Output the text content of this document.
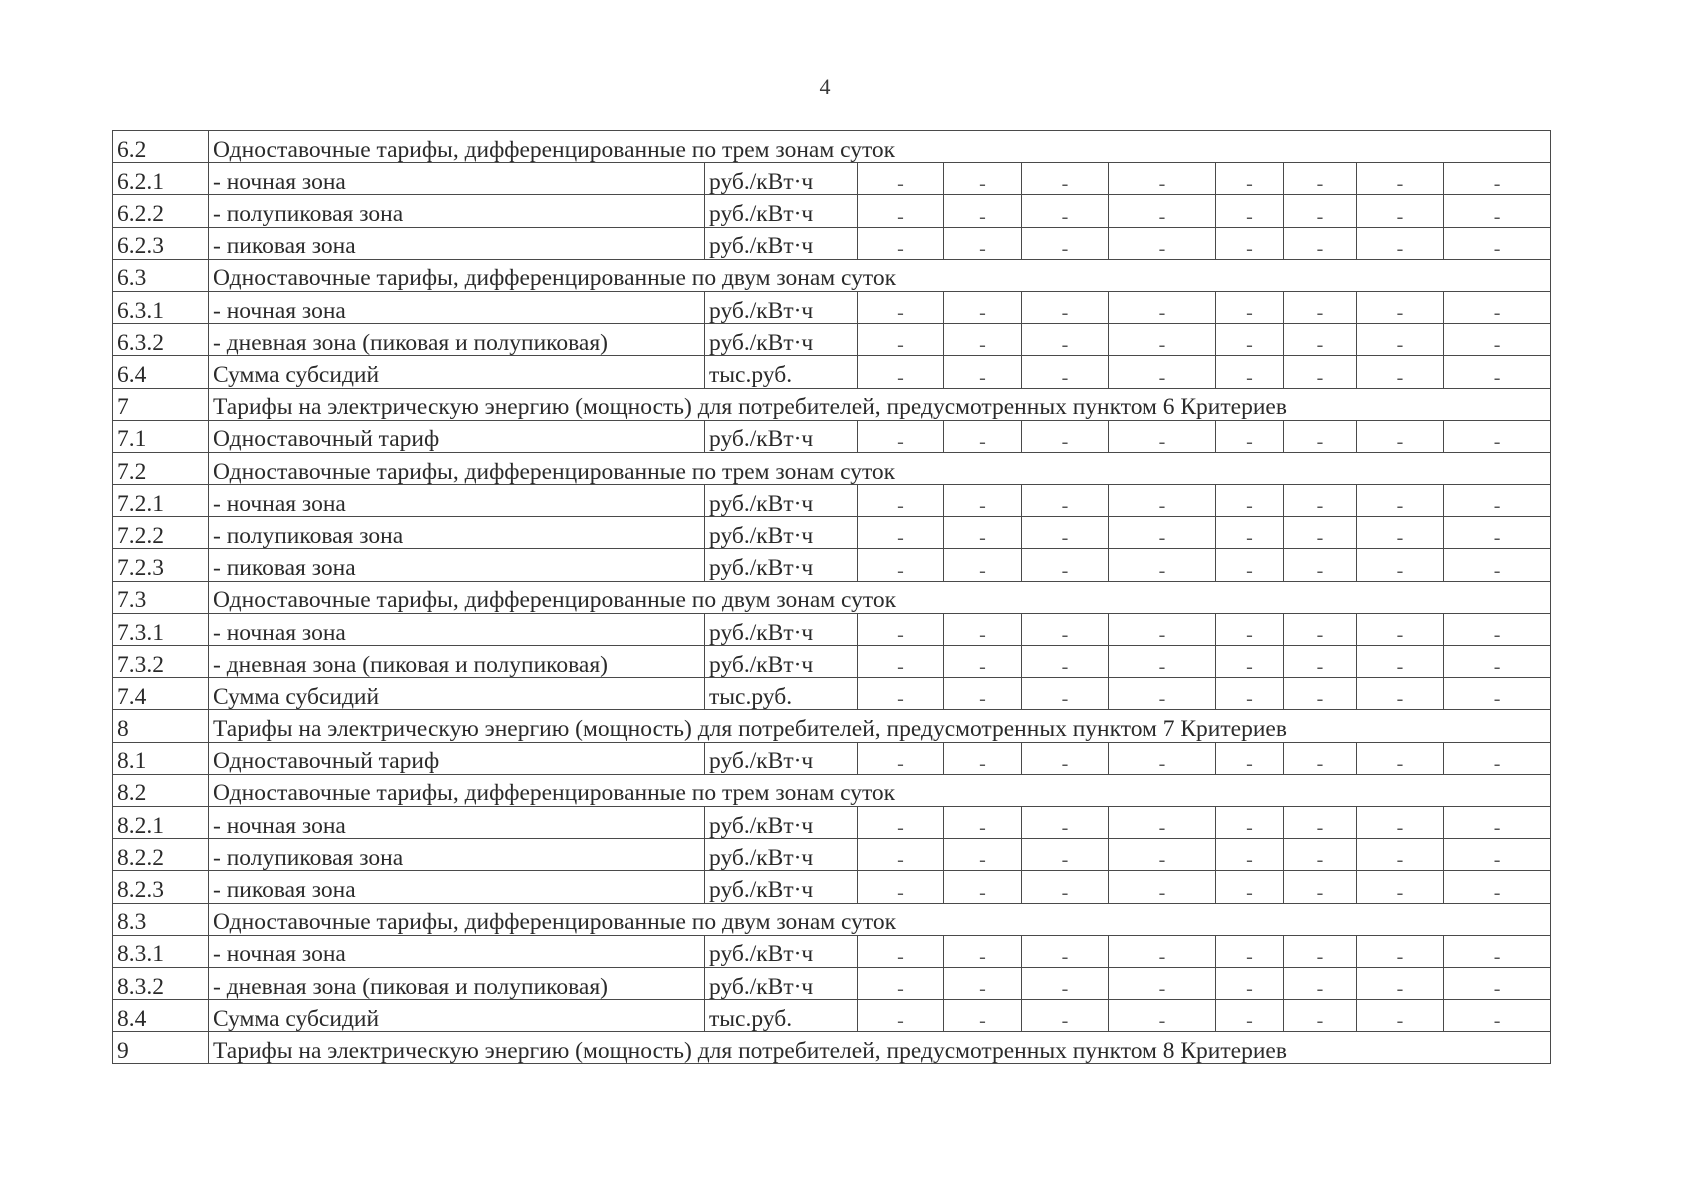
4
6.2	Одноставочные тарифы, дифференцированные по трем зонам суток									
6.2.1	- ночная зона	руб./кВт·ч	-	-	-	-	-	-	-	-
6.2.2	- полупиковая зона	руб./кВт·ч	-	-	-	-	-	-	-	-
6.2.3	- пиковая зона	руб./кВт·ч	-	-	-	-	-	-	-	-
6.3	Одноставочные тарифы, дифференцированные по двум зонам суток									
6.3.1	- ночная зона	руб./кВт·ч	-	-	-	-	-	-	-	-
6.3.2	- дневная зона (пиковая и полупиковая)	руб./кВт·ч	-	-	-	-	-	-	-	-
6.4	Сумма субсидий	тыс.руб.	-	-	-	-	-	-	-	-
7	Тарифы на электрическую энергию (мощность) для потребителей, предусмотренных пунктом 6 Критериев									
7.1	Одноставочный тариф	руб./кВт·ч	-	-	-	-	-	-	-	-
7.2	Одноставочные тарифы, дифференцированные по трем зонам суток									
7.2.1	- ночная зона	руб./кВт·ч	-	-	-	-	-	-	-	-
7.2.2	- полупиковая зона	руб./кВт·ч	-	-	-	-	-	-	-	-
7.2.3	- пиковая зона	руб./кВт·ч	-	-	-	-	-	-	-	-
7.3	Одноставочные тарифы, дифференцированные по двум зонам суток									
7.3.1	- ночная зона	руб./кВт·ч	-	-	-	-	-	-	-	-
7.3.2	- дневная зона (пиковая и полупиковая)	руб./кВт·ч	-	-	-	-	-	-	-	-
7.4	Сумма субсидий	тыс.руб.	-	-	-	-	-	-	-	-
8	Тарифы на электрическую энергию (мощность) для потребителей, предусмотренных пунктом 7 Критериев									
8.1	Одноставочный тариф	руб./кВт·ч	-	-	-	-	-	-	-	-
8.2	Одноставочные тарифы, дифференцированные по трем зонам суток									
8.2.1	- ночная зона	руб./кВт·ч	-	-	-	-	-	-	-	-
8.2.2	- полупиковая зона	руб./кВт·ч	-	-	-	-	-	-	-	-
8.2.3	- пиковая зона	руб./кВт·ч	-	-	-	-	-	-	-	-
8.3	Одноставочные тарифы, дифференцированные по двум зонам суток									
8.3.1	- ночная зона	руб./кВт·ч	-	-	-	-	-	-	-	-
8.3.2	- дневная зона (пиковая и полупиковая)	руб./кВт·ч	-	-	-	-	-	-	-	-
8.4	Сумма субсидий	тыс.руб.	-	-	-	-	-	-	-	-
9	Тарифы на электрическую энергию (мощность) для потребителей, предусмотренных пунктом 8 Критериев									
